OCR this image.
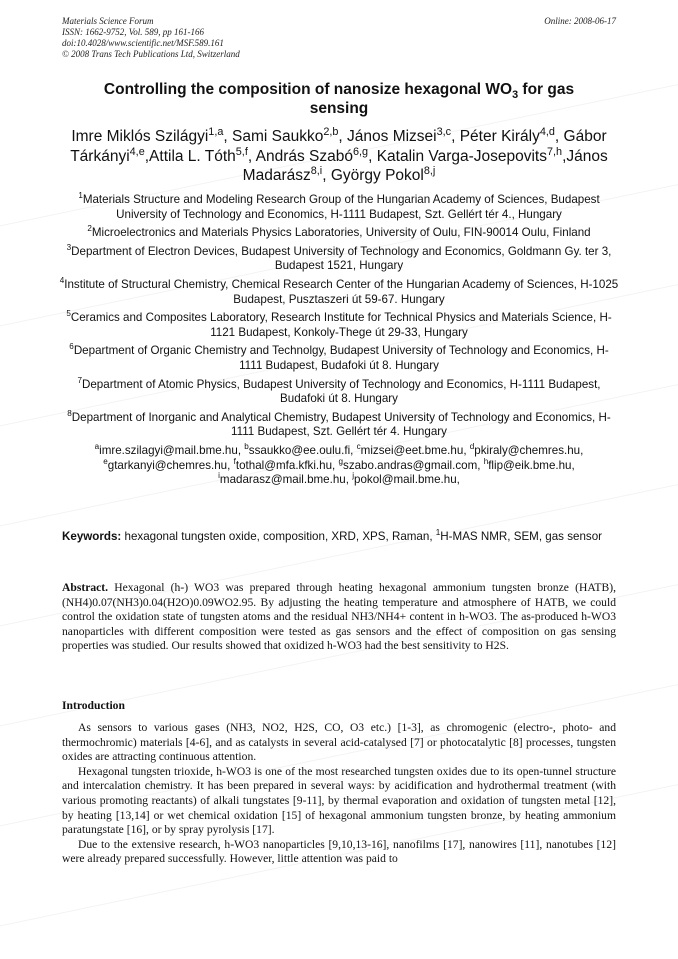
Materials Science Forum
ISSN: 1662-9752, Vol. 589, pp 161-166
doi:10.4028/www.scientific.net/MSF.589.161
© 2008 Trans Tech Publications Ltd, Switzerland
Online: 2008-06-17
Controlling the composition of nanosize hexagonal $WO_3$ for gas sensing
Imre Miklós Szilágyi$^{1,a}$, Sami Saukko$^{2,b}$, János Mizsei$^{3,c}$, Péter Király$^{4,d}$, Gábor Tárkányi$^{4,e}$,Attila L. Tóth$^{5,f}$, András Szabó$^{6,g}$, Katalin Varga-Josepovits$^{7,h}$,János Madarász$^{8,i}$, György Pokol$^{8,j}$
$^1$Materials Structure and Modeling Research Group of the Hungarian Academy of Sciences, Budapest University of Technology and Economics, H-1111 Budapest, Szt. Gellért tér 4., Hungary
$^2$Microelectronics and Materials Physics Laboratories, University of Oulu, FIN-90014 Oulu, Finland
$^3$Department of Electron Devices, Budapest University of Technology and Economics, Goldmann Gy. ter 3, Budapest 1521, Hungary
$^4$Institute of Structural Chemistry, Chemical Research Center of the Hungarian Academy of Sciences, H-1025 Budapest, Pusztaszeri út 59-67. Hungary
$^5$Ceramics and Composites Laboratory, Research Institute for Technical Physics and Materials Science, H-1121 Budapest, Konkoly-Thege út 29-33, Hungary
$^6$Department of Organic Chemistry and Technolgy, Budapest University of Technology and Economics, H-1111 Budapest, Budafoki út 8. Hungary
$^7$Department of Atomic Physics, Budapest University of Technology and Economics, H-1111 Budapest, Budafoki út 8. Hungary
$^8$Department of Inorganic and Analytical Chemistry, Budapest University of Technology and Economics, H-1111 Budapest, Szt. Gellért tér 4. Hungary
$^a$imre.szilagyi@mail.bme.hu, $^b$ssaukko@ee.oulu.fi, $^c$mizsei@eet.bme.hu, $^d$pkiraly@chemres.hu, $^e$gtarkanyi@chemres.hu, $^f$tothal@mfa.kfki.hu, $^g$szabo.andras@gmail.com, $^h$flip@eik.bme.hu, $^i$madarasz@mail.bme.hu, $^j$pokol@mail.bme.hu,
Keywords: hexagonal tungsten oxide, composition, XRD, XPS, Raman, $^1$H-MAS NMR, SEM, gas sensor
Abstract. Hexagonal (h-) WO3 was prepared through heating hexagonal ammonium tungsten bronze (HATB), (NH4)0.07(NH3)0.04(H2O)0.09WO2.95. By adjusting the heating temperature and atmosphere of HATB, we could control the oxidation state of tungsten atoms and the residual NH3/NH4+ content in h-WO3. The as-produced h-WO3 nanoparticles with different composition were tested as gas sensors and the effect of composition on gas sensing properties was studied. Our results showed that oxidized h-WO3 had the best sensitivity to H2S.
Introduction

As sensors to various gases (NH3, NO2, H2S, CO, O3 etc.) [1-3], as chromogenic (electro-, photo- and thermochromic) materials [4-6], and as catalysts in several acid-catalysed [7] or photocatalytic [8] processes, tungsten oxides are attracting continuous attention.

Hexagonal tungsten trioxide, h-WO3 is one of the most researched tungsten oxides due to its open-tunnel structure and intercalation chemistry. It has been prepared in several ways: by acidification and hydrothermal treatment (with various promoting reactants) of alkali tungstates [9-11], by thermal evaporation and oxidation of tungsten metal [12], by heating [13,14] or wet chemical oxidation [15] of hexagonal ammonium tungsten bronze, by heating ammonium paratungstate [16], or by spray pyrolysis [17].

Due to the extensive research, h-WO3 nanoparticles [9,10,13-16], nanofilms [17], nanowires [11], nanotubes [12] were already prepared successfully. However, little attention was paid to
